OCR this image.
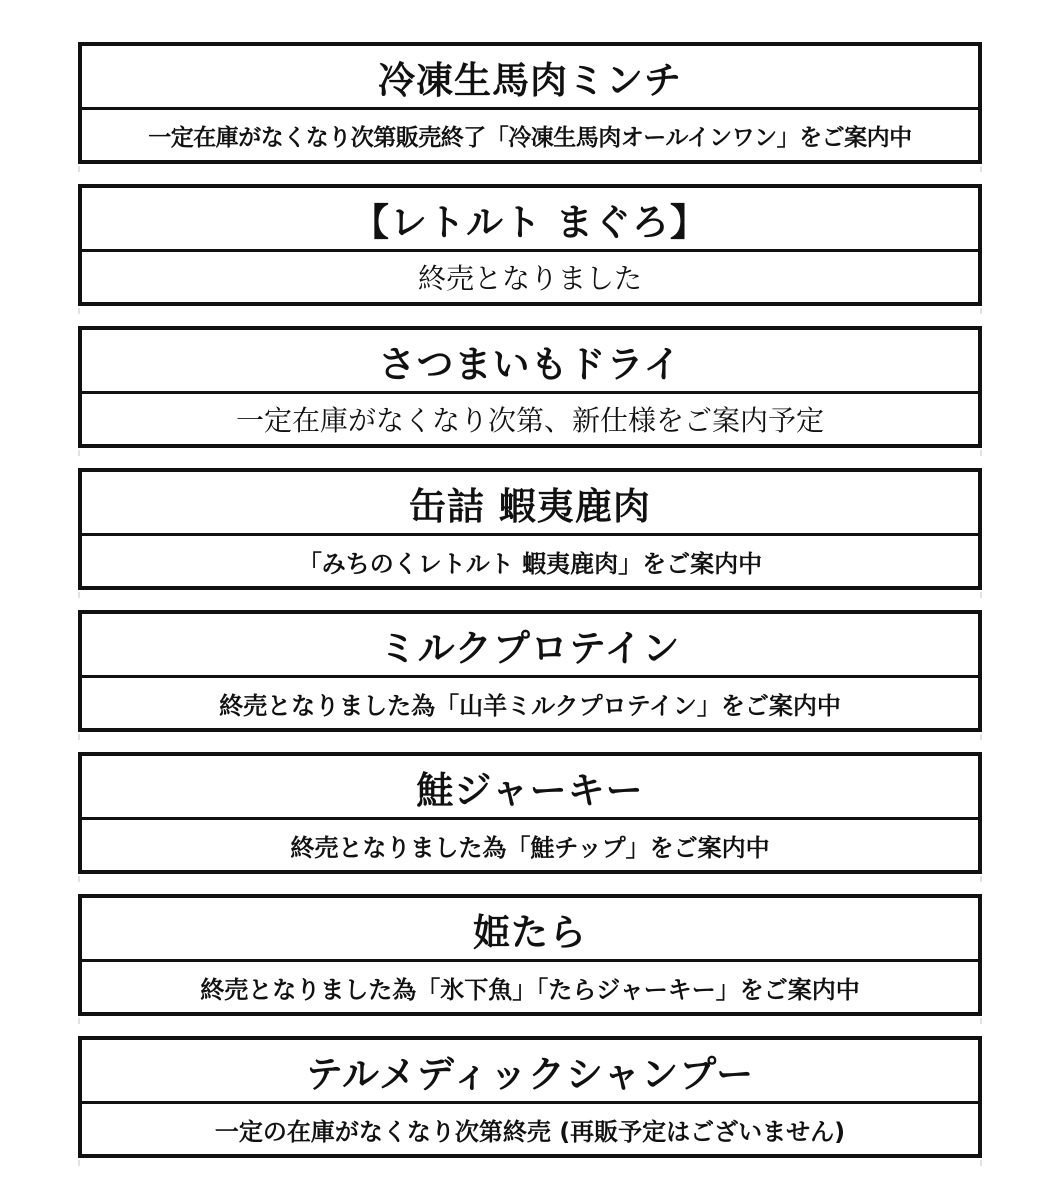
冷凍生馬肉ミンチ
一定在庫がなくなり次第販売終了「冷凍生馬肉オールインワン」をご案内中
【レトルト まぐろ】
終売となりました
さつまいもドライ
一定在庫がなくなり次第、新仕様をご案内予定
缶詰 蝦夷鹿肉
「みちのくレトルト 蝦夷鹿肉」をご案内中
ミルクプロテイン
終売となりました為「山羊ミルクプロテイン」をご案内中
鮭ジャーキー
終売となりました為「鮭チップ」をご案内中
姫たら
終売となりました為「氷下魚」「たらジャーキー」をご案内中
テルメディックシャンプー
一定の在庫がなくなり次第終売 (再販予定はございません)
